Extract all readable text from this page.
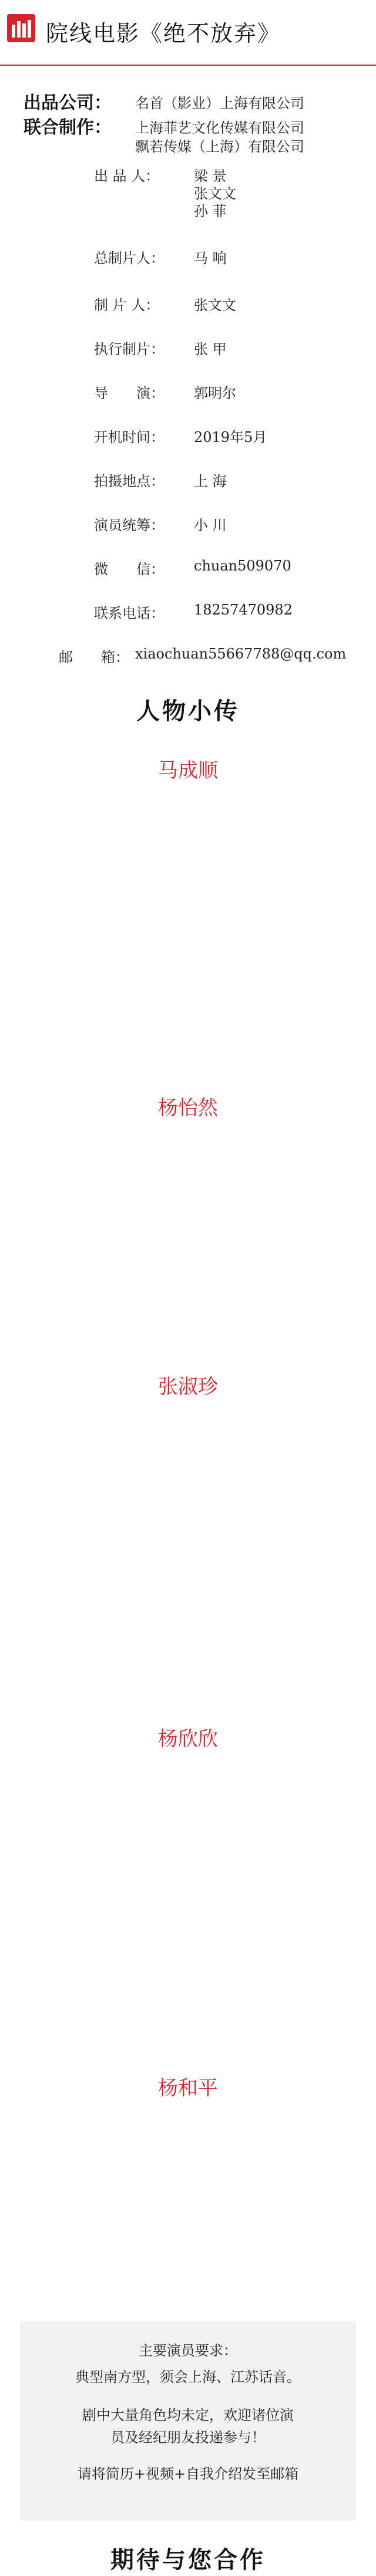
院线电影《绝不放弃》
出品公司： 名首（影业）上海有限公司
联合制作： 上海菲艺文化传媒有限公司
飘若传媒（上海）有限公司
出 品 人： 梁 景
张文文
孙 菲
总制片人： 马 响
制 片 人： 张文文
执行制片： 张 甲
导　　演： 郭明尔
开机时间： 2019年5月
拍摄地点： 上 海
演员统筹： 小 川
微　　信： chuan509070
联系电话： 18257470982
邮　　箱： xiaochuan55667788@qq.com
人物小传
马成顺
杨怡然
张淑珍
杨欣欣
杨和平
主要演员要求：
典型南方型，须会上海、江苏话音。
剧中大量角色均未定，欢迎诸位演
员及经纪朋友投递参与！
请将简历+视频+自我介绍发至邮箱
期待与您合作
